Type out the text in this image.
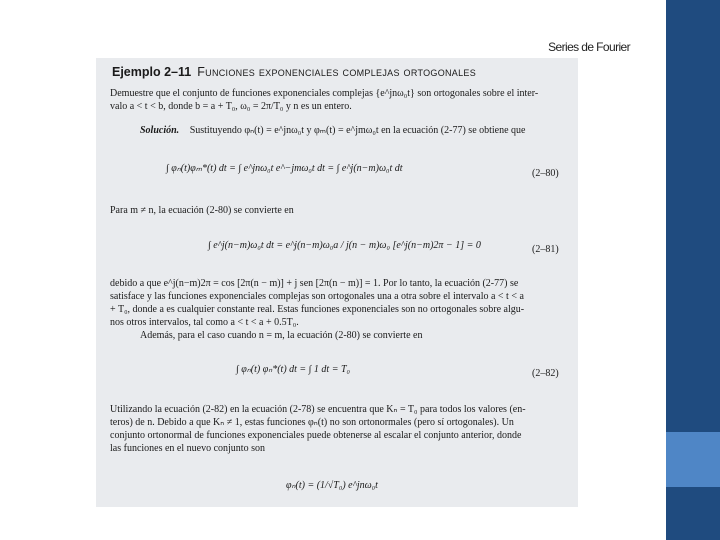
Series de Fourier
Ejemplo 2–11 Funciones exponenciales complejas ortogonales
Demuestre que el conjunto de funciones exponenciales complejas {e^jnω₀t} son ortogonales sobre el inter-
valo a < t < b, donde b = a + T₀, ω₀ = 2π/T₀ y n es un entero.
Solución. Sustituyendo φₙ(t) = e^jnω₀t y φₘ(t) = e^jmω₀t en la ecuación (2-77) se obtiene que
∫ φₙ(t)φₘ*(t) dt = ∫ e^jnω₀t e^−jmω₀t dt = ∫ e^j(n−m)ω₀t dt	(2–80)
Para m ≠ n, la ecuación (2-80) se convierte en
∫ e^j(n−m)ω₀t dt = e^j(n−m)ω₀a / j(n − m)ω₀ [e^j(n−m)2π − 1] = 0	(2–81)
debido a que e^j(n−m)2π = cos [2π(n − m)] + j sen [2π(n − m)] = 1. Por lo tanto, la ecuación (2-77) se
satisface y las funciones exponenciales complejas son ortogonales una a otra sobre el intervalo a < t < a
+ T₀, donde a es cualquier constante real. Estas funciones exponenciales son no ortogonales sobre algu-
nos otros intervalos, tal como a < t < a + 0.5T₀.
Además, para el caso cuando n = m, la ecuación (2-80) se convierte en
∫ φₙ(t) φₙ*(t) dt = ∫ 1 dt = T₀	(2–82)
Utilizando la ecuación (2-82) en la ecuación (2-78) se encuentra que Kₙ = T₀ para todos los valores (en-
teros) de n. Debido a que Kₙ ≠ 1, estas funciones φₙ(t) no son ortonormales (pero sí ortogonales). Un
conjunto ortonormal de funciones exponenciales puede obtenerse al escalar el conjunto anterior, donde
las funciones en el nuevo conjunto son
φₙ(t) = (1/√T₀) e^jnω₀t
